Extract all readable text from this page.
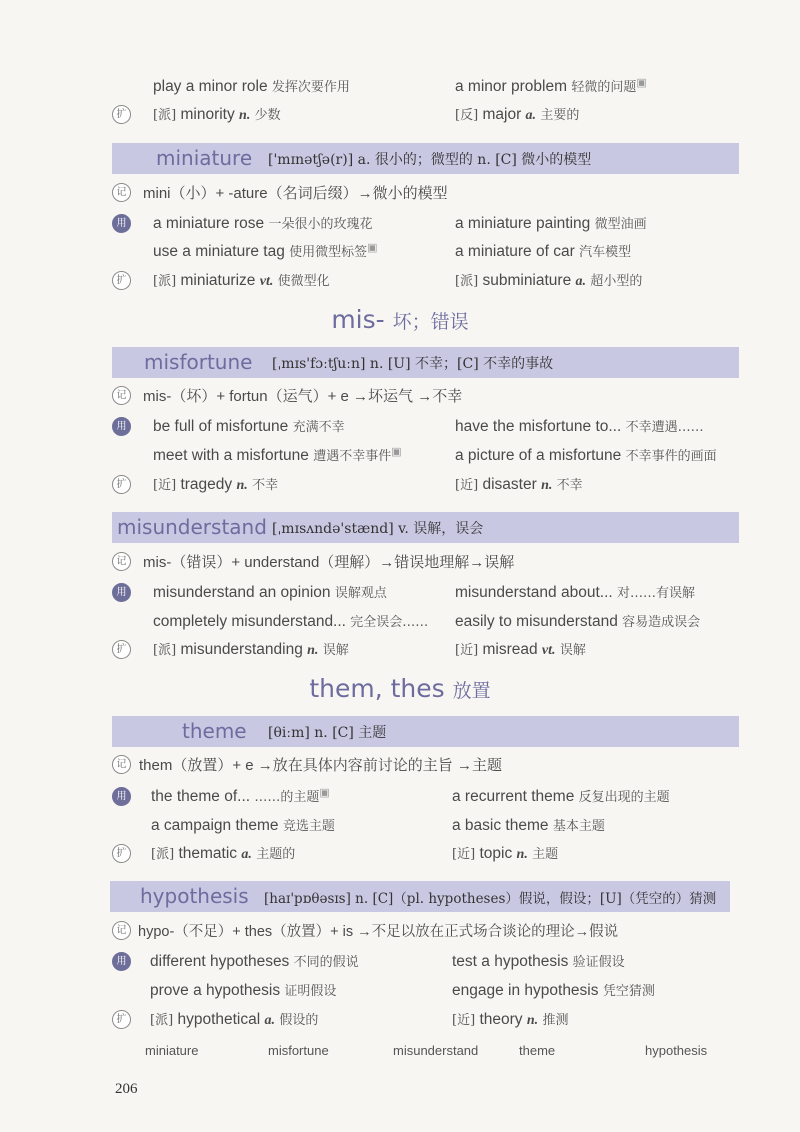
play a minor role 发挥次要作用	a minor problem 轻微的问题 ▣
扩	[派] minority n. 少数	[反] major a. 主要的
miniature ['mɪnətʃə(r)] a. 很小的；微型的 n. [C] 微小的模型
记	mini（小）+ -ature（名词后缀）→微小的模型
用 a miniature rose 一朵很小的玫瑰花	a miniature painting 微型油画
use a miniature tag 使用微型标签 ▣	a miniature of car 汽车模型
扩	[派] miniaturize vt. 使微型化	[派] subminiature a. 超小型的
mis- 坏；错误
misfortune [ˌmɪs'fɔːtʃuːn] n. [U] 不幸；[C] 不幸的事故
记	mis-（坏）+ fortun（运气）+ e →坏运气 →不幸
用 be full of misfortune 充满不幸	have the misfortune to... 不幸遭遇……
meet with a misfortune 遭遇不幸事件 ▣	a picture of a misfortune 不幸事件的画面
扩	[近] tragedy n. 不幸	[近] disaster n. 不幸
misunderstand [ˌmɪsʌndə'stænd] v. 误解，误会
记	mis-（错误）+ understand（理解）→错误地理解→误解
用 misunderstand an opinion 误解观点	misunderstand about... 对……有误解
completely misunderstand... 完全误会…… easily to misunderstand 容易造成误会
扩	[派] misunderstanding n. 误解	[近] misread vt. 误解
them, thes 放置
theme [θiːm] n. [C] 主题
记 them（放置）+ e →放在具体内容前讨论的主旨 →主题
用 the theme of... ……的主题 ▣	a recurrent theme 反复出现的主题
a campaign theme 竞选主题	a basic theme 基本主题
扩	[派] thematic a. 主题的	[近] topic n. 主题
hypothesis [haɪ'pɒθəsɪs] n. [C]（pl. hypotheses）假说，假设；[U]（凭空的）猜测
记 hypo-（不足）+ thes（放置）+ is →不足以放在正式场合谈论的理论→假说
用 different hypotheses 不同的假说	test a hypothesis 验证假设
prove a hypothesis 证明假设	engage in hypothesis 凭空猜测
扩	[派] hypothetical a. 假设的	[近] theory n. 推测
miniature	misfortune	misunderstand	theme	hypothesis
206
